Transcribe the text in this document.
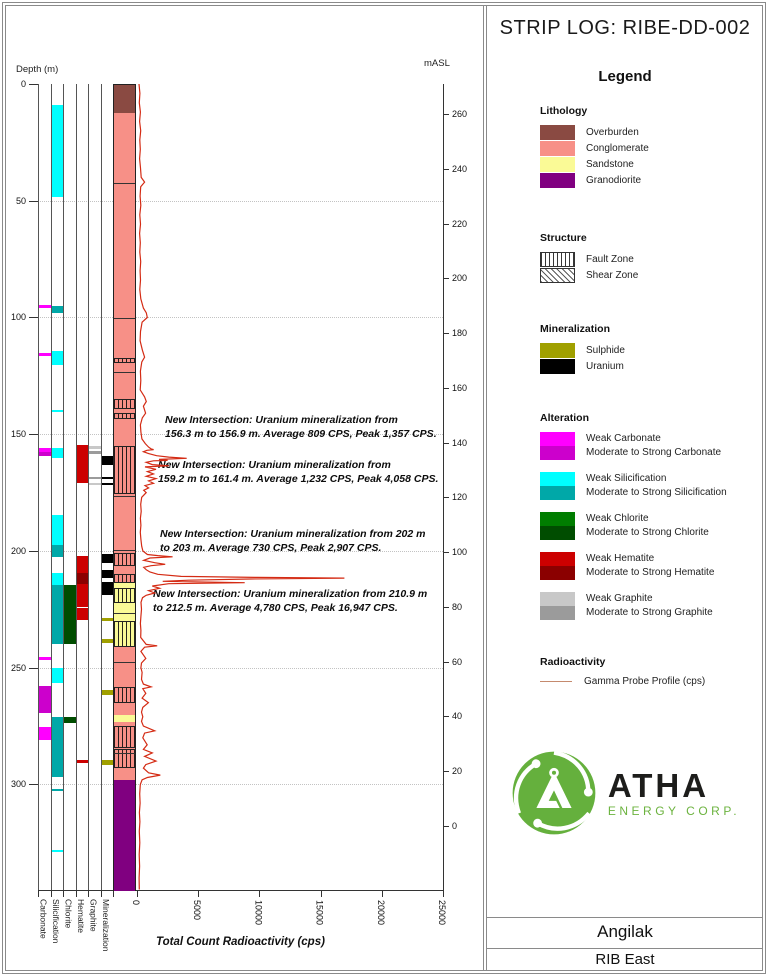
Depth (m)
mASL
0
50
100
150
200
250
300
260
240
220
200
180
160
140
120
100
80
60
40
20
0
0	5000	10000	15000	20000	25000
Carbonate Silicification Chlorite Hematite Graphite Mineralization
New Intersection: Uranium mineralization from
156.3 m to 156.9 m. Average 809 CPS, Peak 1,357 CPS.
New Intersection: Uranium mineralization from
159.2 m to 161.4 m. Average 1,232 CPS, Peak 4,058 CPS.
New Intersection: Uranium mineralization from 202 m
to 203 m. Average 730 CPS, Peak 2,907 CPS.
New Intersection: Uranium mineralization from 210.9 m
to 212.5 m. Average 4,780 CPS, Peak 16,947 CPS.
Total Count Radioactivity (cps)
STRIP LOG: RIBE-DD-002
Legend
Lithology
Overburden
Conglomerate
Sandstone
Granodiorite
Structure
Fault Zone
Shear Zone
Mineralization
Sulphide
Uranium
Alteration
Weak Carbonate
Moderate to Strong Carbonate
Weak Silicification
Moderate to Strong Silicification
Weak Chlorite
Moderate to Strong Chlorite
Weak Hematite
Moderate to Strong Hematite
Weak Graphite
Moderate to Strong Graphite
Radioactivity
Gamma Probe Profile (cps)
ATHA
ENERGY CORP.
Angilak
RIB East
